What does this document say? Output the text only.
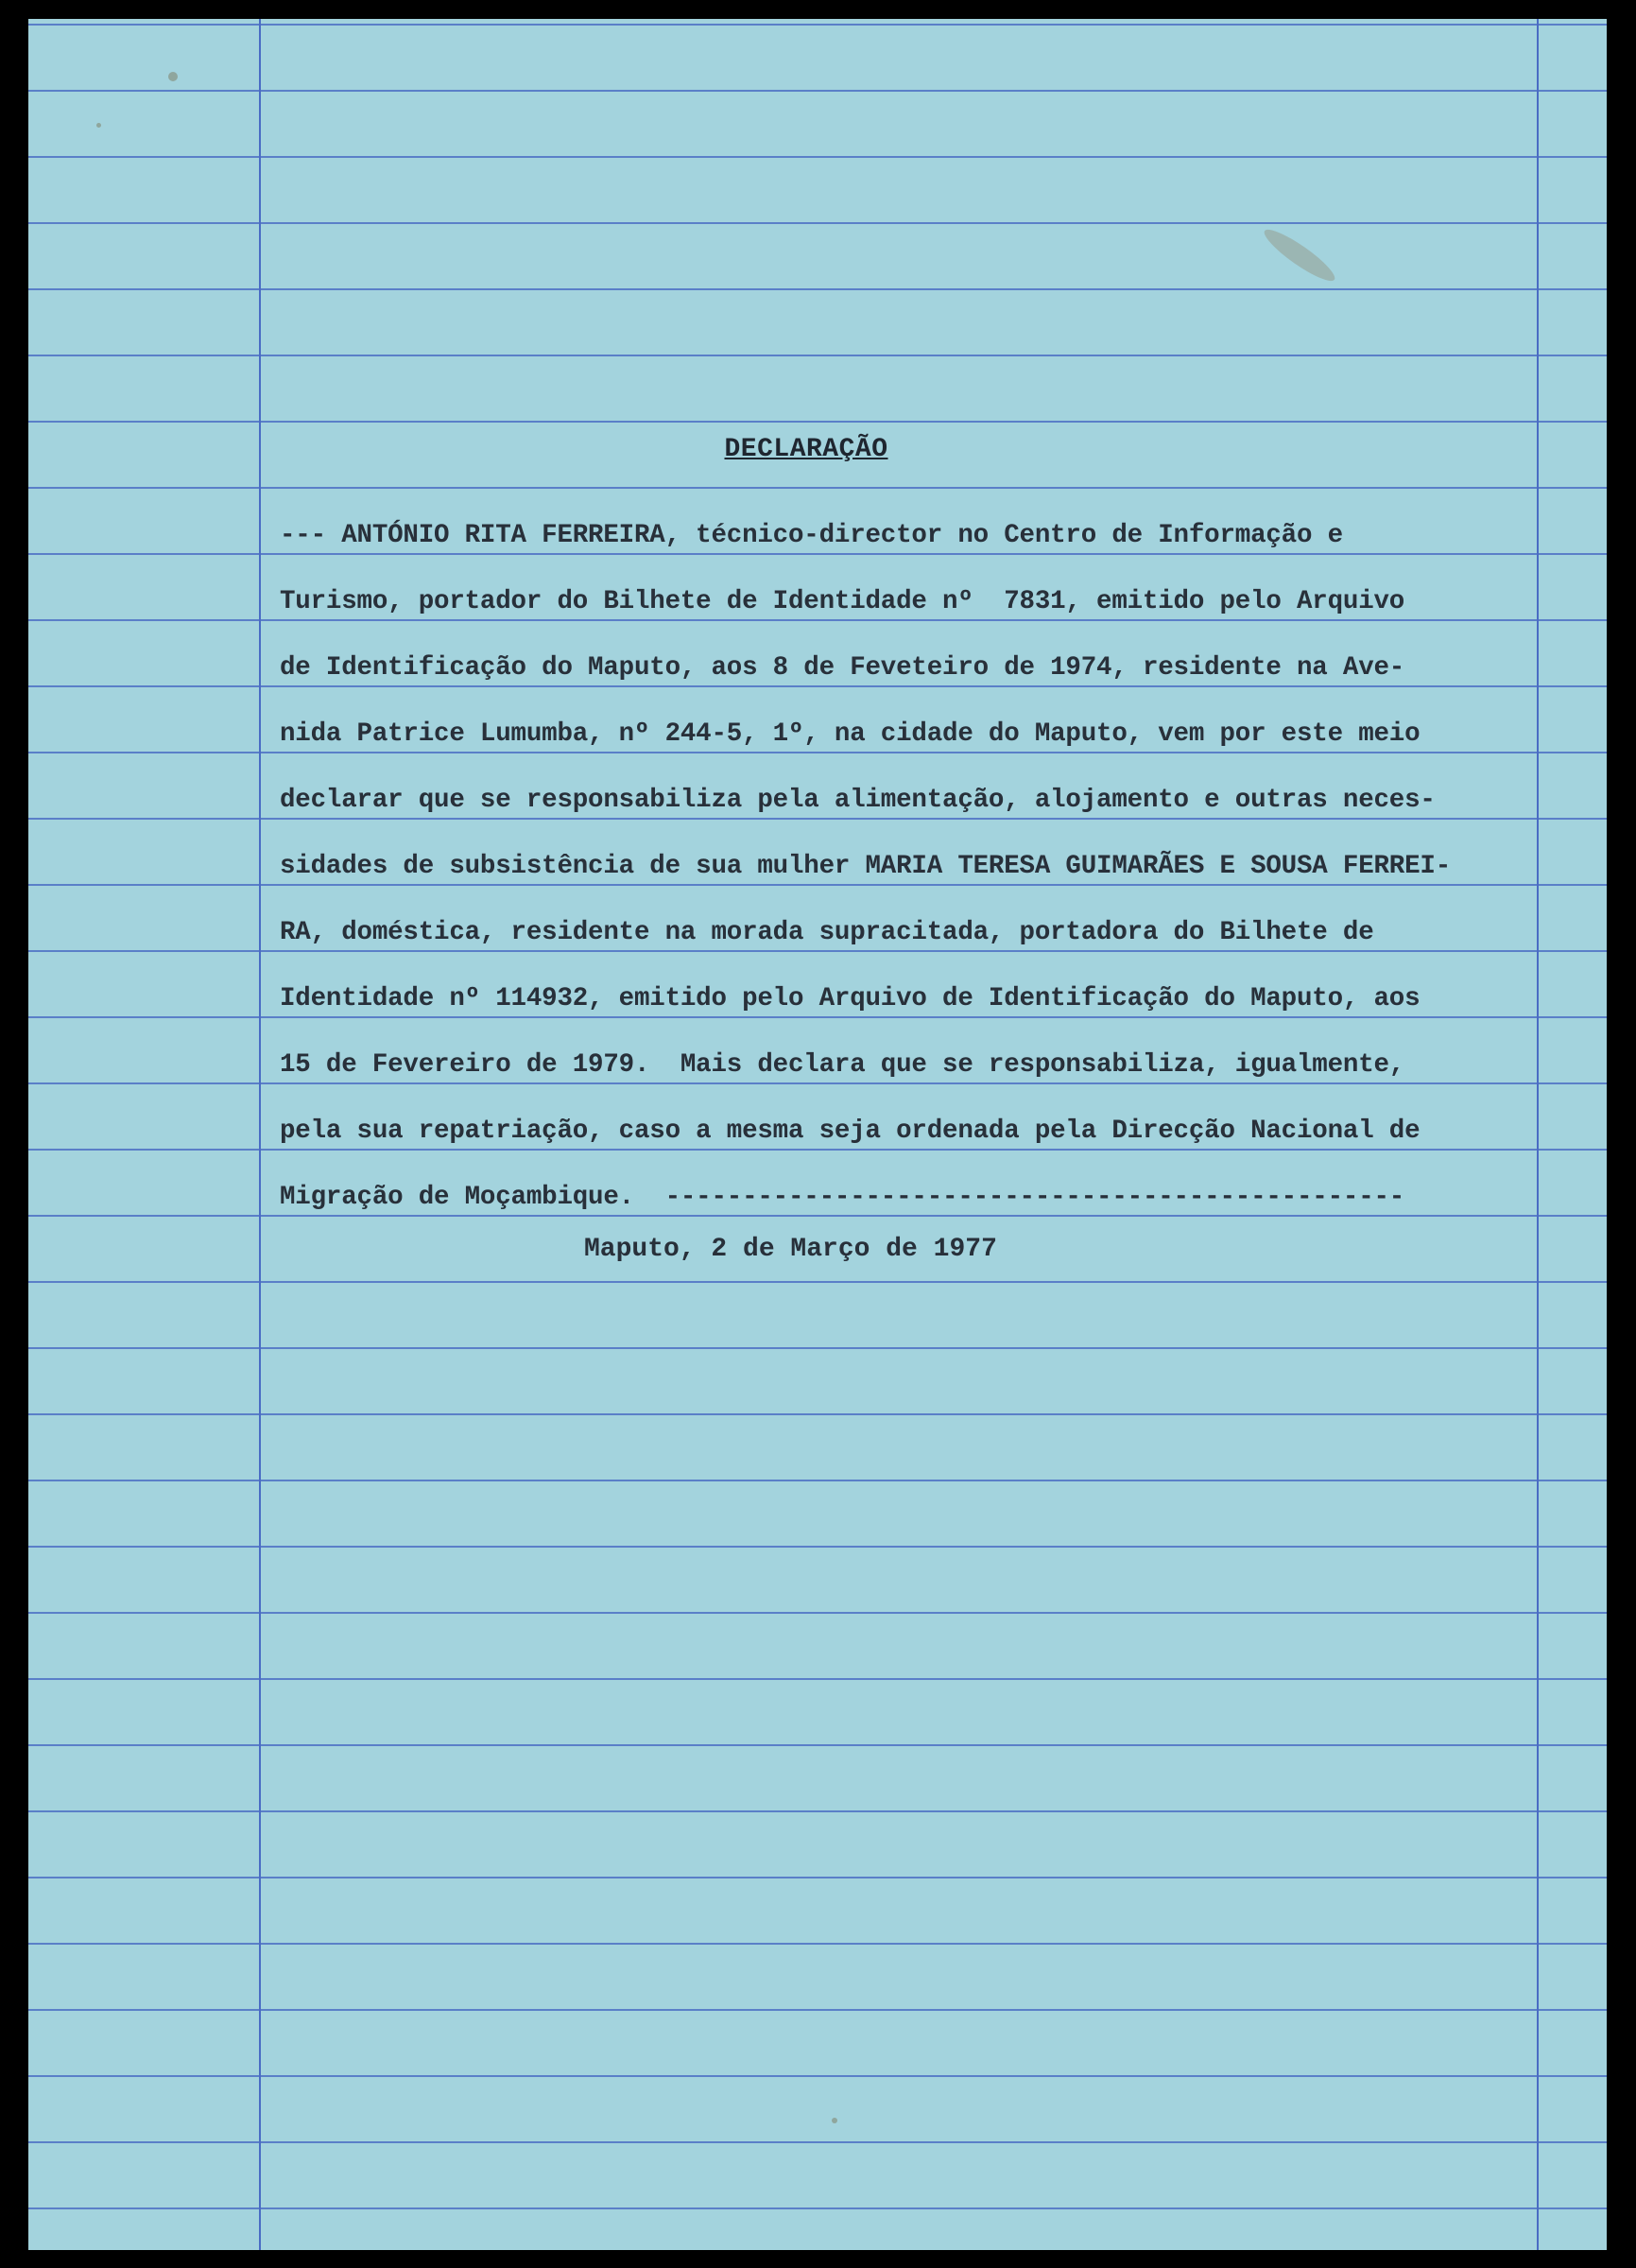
DECLARAÇÃO
--- ANTÓNIO RITA FERREIRA, técnico-director no Centro de Informação e
Turismo, portador do Bilhete de Identidade nº  7831, emitido pelo Arquivo
de Identificação do Maputo, aos 8 de Feveteiro de 1974, residente na Ave-
nida Patrice Lumumba, nº 244-5, 1º, na cidade do Maputo, vem por este meio
declarar que se responsabiliza pela alimentação, alojamento e outras neces-
sidades de subsistência de sua mulher MARIA TERESA GUIMARÃES E SOUSA FERREI-
RA, doméstica, residente na morada supracitada, portadora do Bilhete de
Identidade nº 114932, emitido pelo Arquivo de Identificação do Maputo, aos
15 de Fevereiro de 1979.  Mais declara que se responsabiliza, igualmente,
pela sua repatriação, caso a mesma seja ordenada pela Direcção Nacional de
Migração de Moçambique.  ------------------------------------------------
Maputo, 2 de Março de 1977
